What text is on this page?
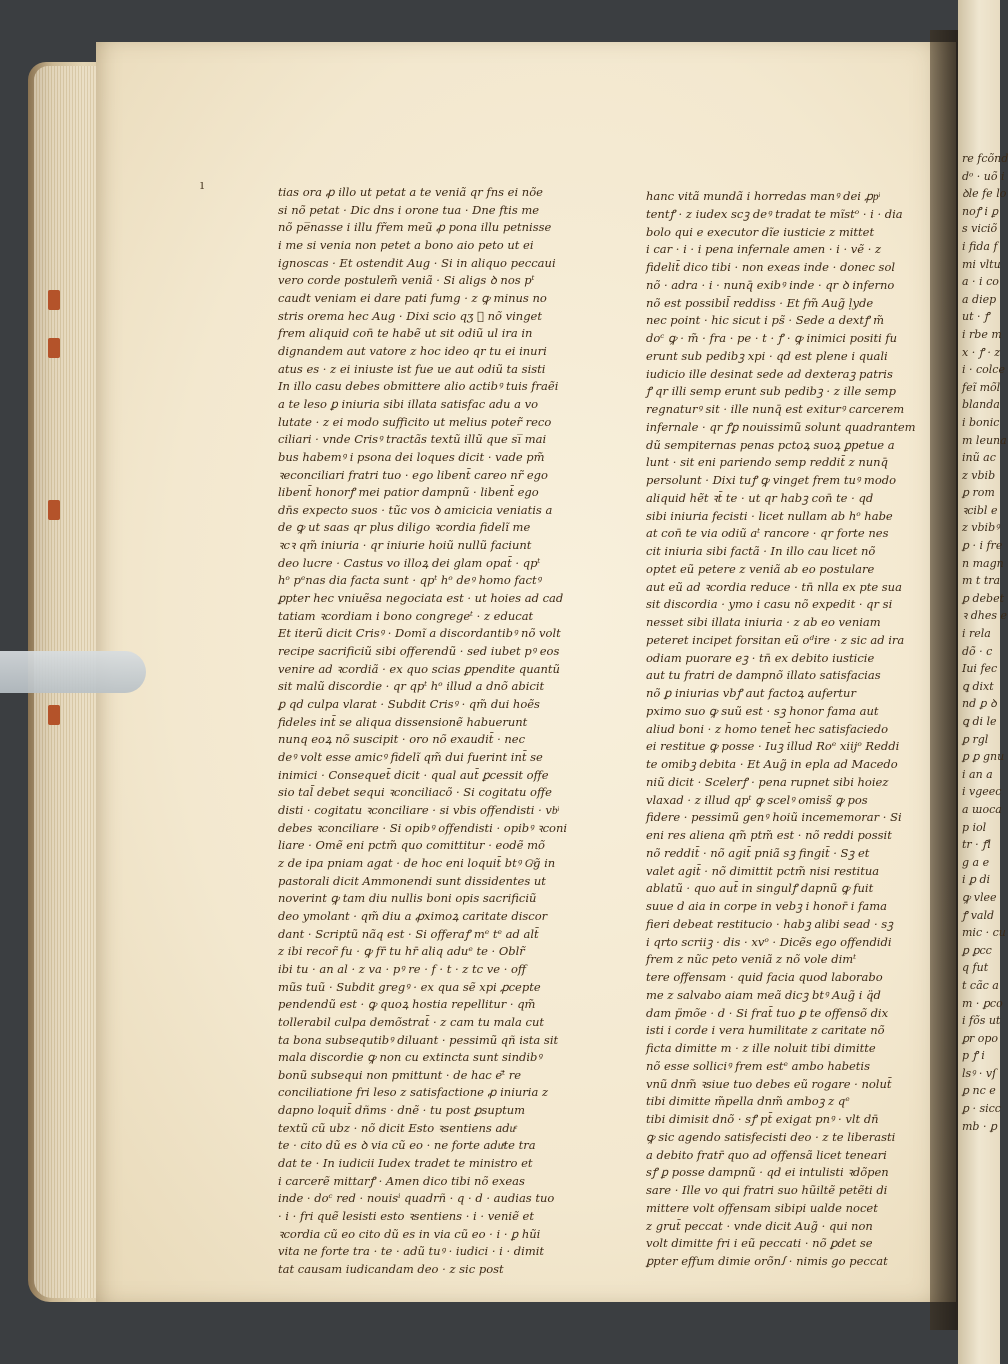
re fcõnd
dᵒ · uõ i
ꝺle fe lo
noꝭ i ꝑ
s viciõ
i fida f
mi vltu
a · i co
a diep
ut · ꝭ
i rbe m
x · ꝭ · z
i · colce
feĩ mõl
blanda
i bonic
m leuna
inũ ac
z vbib
ꝑ rom
ꝛcibl e
z vbibꝰ
ꝑ · i fre
n magn
m t tra
ꝑ debet
ꝛ dhes e
i rela
dõ · c
Iui fec
ꝗ dixt
nd ꝑ ꝺ
ꝗ di le
ꝑ rgl
ꝑ ꝑ gnu
i an a
i vgeec
a ɯoca
p iol
tr · ꝭl
g a e
i ꝑ di
ꝙ vlee
ꝭ vald
mic · cu
ꝑ ꝑcc
q fut
t cãc a
m · ꝑco
i fõs ut
ꝑr opo
p ꝭ i
lsꝰ · vſ
ꝑ nc e
ꝑ · sicc
mb · ꝑ
ı	tias ora ꝓ illo ut petat a te veniã qr fns ei nõe
si nõ petat · Dic dns i orone tua · Dne ftis me
nõ pe̅nasse i illu fr̃em meũ ꝓ pona illu petnisse
i me si venia non petet a bono aio peto ut ei
ignoscas · Et ostendit Aug · Si in aliquo peccaui
vero corde postulem̃ veniã · Si aligs ꝺ nos pᵗ
caudt veniam ei dare pati fumg · z ꝙ minus no
stris orema hec Aug · Dixi scio qʒ ᷤ nõ vinget
frem aliquid con̄ te habẽ ut sit odiũ ul ira in
dignandem aut vatore z hoc ideo qr tu ei inuri
atus es · z ei iniuste ist fue ue aut odiũ ta sisti
In illo casu debes obmittere alio actibꝰ tuis fraẽi
a te leso ꝑ iniuria sibi illata satisfac adu a vo
lutate · z ei modo sufficito ut melius poter̃ reco
ciliari · vnde Crisꝰ tractãs textũ illũ que si̅ mai
bus habemꝰ i psona dei loques dicit · vade pm̃
ꝛeconciliari fratri tuo · ego libent̄ careo nr̃ ego
libent̄ honorꝭ mei patior dampnũ · libent̄ ego
dn̄s expecto suos · tũc vos ꝺ amicicia veniatis a
de ꝙ ut saas qr plus diligo ꝛcordia fidelĩ me
ꝛcꝛ qm̃ iniuria · qr iniurie hoiũ nullũ faciunt
deo lucre · Castus vo illoꝝ dei glam opat̄ · qpᵗ
hᵒ pᵉnas dia facta sunt · qpᵗ hᵒ deꝰ homo factꝰ
ꝑpter hec vniuẽsa negociata est · ut hoies ad cad
tatiam ꝛcordiam i bono congregeᵗ · z educat
Et iterũ dicit Crisꝰ · Domĩ a discordantibꝰ nõ volt
recipe sacrificiũ sibi offerendũ · sed iubet pꝰ eos
venire ad ꝛcordiã · ex quo scias ꝑpendite quantũ
sit malũ discordie · qr qpᵗ hᵒ illud a dnõ abicit
ꝑ qd culpa vlarat · Subdit Crisꝰ · qm̃ dui hoẽs
fideles int̄ se aliqua dissensionẽ habuerunt
nunq eoꝝ nõ suscipit · oro nõ exaudit̄ · nec
deꝰ volt esse amicꝰ fidelĩ qm̃ dui fuerint int̄ se
inimici · Consequet̄ dicit · qual aut̄ ꝑcessit offe
sio tal̄ debet sequi ꝛconciliacõ · Si cogitatu offe
disti · cogitatu ꝛconciliare · si vbis offendisti · vbͥ
debes ꝛconciliare · Si opibꝰ offendisti · opibꝰ ꝛconi
liare · Omẽ eni pctm̃ quo comittitur · eodẽ mõ
z de ipa pniam agat · de hoc eni loquit̄ btꝰ Gͦg̃ in
pastorali dicit Ammonendi sunt dissidentes ut
noverint ꝙ tam diu nullis boni opis sacrificiũ
deo ymolant · qm̃ diu a ꝓximoꝝ caritate discor
dant · Scriptũ nãq est · Si offeraꝭ mᵉ tᵉ ad alt̄
z ibi recor̃ fu · ꝙ fr̄ tu hr̄ aliq aduᵉ te · Oblr̃
ibi tu · an al · z va · pꝰ re · f · t · z tc ve · off
mũs tuũ · Subdit gregꝰ · ex qua sẽ xpi ꝓcepte
pendendũ est · ꝙ quoꝝ hostia repellitur · qm̃
tollerabil culpa demõstrat̄ · z cam tu mala cut
ta bona subsequtibꝰ diluant · pessimũ qñ ista sit
mala discordie ꝙ non cu extincta sunt sindibꝰ
bonũ subsequi non pmittunt · de hac eᵗ̄ re
conciliatione fri leso z satisfactione ꝓ iniuria z
dapno loquit̄ dñms · dnẽ · tu post ꝑsuptum
textũ cũ ubz · nõ dicit Esto ꝛsentiens aduͤ
te · cito dũ es ꝺ via cũ eo · ne forte aduͤte tra
dat te · In iudicii Iudex tradet te ministro et
i carcerẽ mittarꝭ · Amen dico tibi nõ exeas
inde · doᶜ red · nouisⁱ quadrñ · q · d · audias tuo
· i · fri quẽ lesisti esto ꝛsentiens · i · veniẽ et
ꝛcordia cũ eo cito dũ es in via cũ eo · i · ꝑ hũi
vita ne forte tra · te · adũ tuꝰ · iudici · i · dimit
tat causam iudicandam deo · z sic post
hanc vitã mundã i horredas manꝰ dei ꝓpͥ
tentꝭ · z iudex scꝫ deꝰ tradat te mĩstᵒ · i · dia
bolo qui e executor dĩe iusticie z mittet
i car · i · i pena infernale amen · i · vẽ · z
fidelit̄ dico tibi · non exeas inde · donec sol
nõ · adra · i · nunq̄ exibꝰ inde · qr ꝺ inferno
nõ est possibil̄ reddiss · Et fm̃ Aug̃ ḷyde
nec point · hic sicut i ps̃ · Sede a dextꝭ m̃
doᶜ ꝙ · m̃ · fra · pe · t · ꝭ · ꝙ inimici positi fu
erunt sub pedibꝫ xpi · qd est plene i quali
iudicio ille desinat sede ad dexteraꝫ patris
ꝭ qr illi semp erunt sub pedibꝫ · z ille semp
regnaturꝰ sit · ille nunq̄ est exiturꝰ carcerem
infernale · qr ꝭꝑ nouissimũ solunt quadrantem
dũ sempiternas penas pctoꝝ suoꝝ ꝑpetue a
lunt · sit eni pariendo semp reddit̄ z nunq̄
persolunt · Dixi tuꝭ ꝙ vinget frem tuꝰ modo
aliquid hẽt ꝛt̄ te · ut qr habꝫ con̄ te · qd
sibi iniuria fecisti · licet nullam ab hᵒ habe
at con̄ te via odiũ aᵗ rancore · qr forte nes
cit iniuria sibi factã · In illo cau licet nõ
optet eũ petere z veniã ab eo postulare
aut eũ ad ꝛcordia reduce · tn̄ nlla ex pte sua
sit discordia · ymo i casu nõ expedit · qr si
nesset sibi illata iniuria · z ab eo veniam
peteret incipet forsitan eũ oᵈire · z sic ad ira
odiam puorare eꝫ · tn̄ ex debito iusticie
aut tu fratri de dampnõ illato satisfacias
nõ ꝑ iniurias vbꝭ aut factoꝝ aufertur
pximo suo ꝙ suũ est · sꝫ honor fama aut
aliud boni · z homo tenet̄ hec satisfaciedo
ei restitue ꝙ posse · Iuꝫ illud Roᵉ xiijᵒ Reddi
te omibꝫ debita · Et Aug̃ in epla ad Macedo
niũ dicit · Scelerꝭ · pena rupnet sibi hoiez
vlaxad · z illud qpᵗ ꝙ scelꝰ omiss̃ ꝙ pos
fidere · pessimũ genꝰ hoiũ incememorar · Si
eni res aliena qm̃ ptm̃ est · nõ reddi possit
nõ reddit̄ · nõ agit̄ pniã sꝫ fingit̄ · Sꝫ et
valet agit̄ · nõ dimittit pctm̃ nisi restitua
ablatũ · quo aut̄ in singulꝭ dapnũ ꝙ fuit
suue d aia in corpe in vebꝫ i honor̄ i fama
fieri debeat restitucio · habꝫ alibi sead · sꝫ
i qrto scriiꝫ · dis · xvᵒ · Dicẽs ego offendidi
frem z nũc peto veniã z nõ vole dimᵗ
tere offensam · quid facia quod laborabo
me z salvabo aiam meã dicꝫ btꝰ Aug̃ i q̈d
dam p̈mõe · d · Si frat̄ tuo ꝑ te offensõ dix
isti i corde i vera humilitate z caritate nõ
ficta dimitte m · z ille noluit tibi dimitte
nõ esse solliciꝰ frem estᵉ ambo habetis
vnũ dnm̃ ꝛsiue tuo debes eũ rogare · nolut̄
tibi dimitte m̃pella dnm̃ amboꝫ z qᵉ
tibi dimisit dnõ · sꝭ pt̄ exigat pnꝰ · vlt dn̄
ꝙ sic agendo satisfecisti deo · z te liberasti
a debito fratr̄ quo ad offensã licet teneari
sꝭ ꝑ posse dampnũ · qd ei intulisti ꝛdõpen
sare · Ille vo qui fratri suo hũiltẽ petẽti di
mittere volt offensam sibipi ualde nocet
z grut̄ peccat · vnde dicit Aug̃ · qui non
volt dimitte fri i eũ peccati · nõ ꝑdet se
ꝑpter effum dimie orõnꭍ · nimis go peccat
